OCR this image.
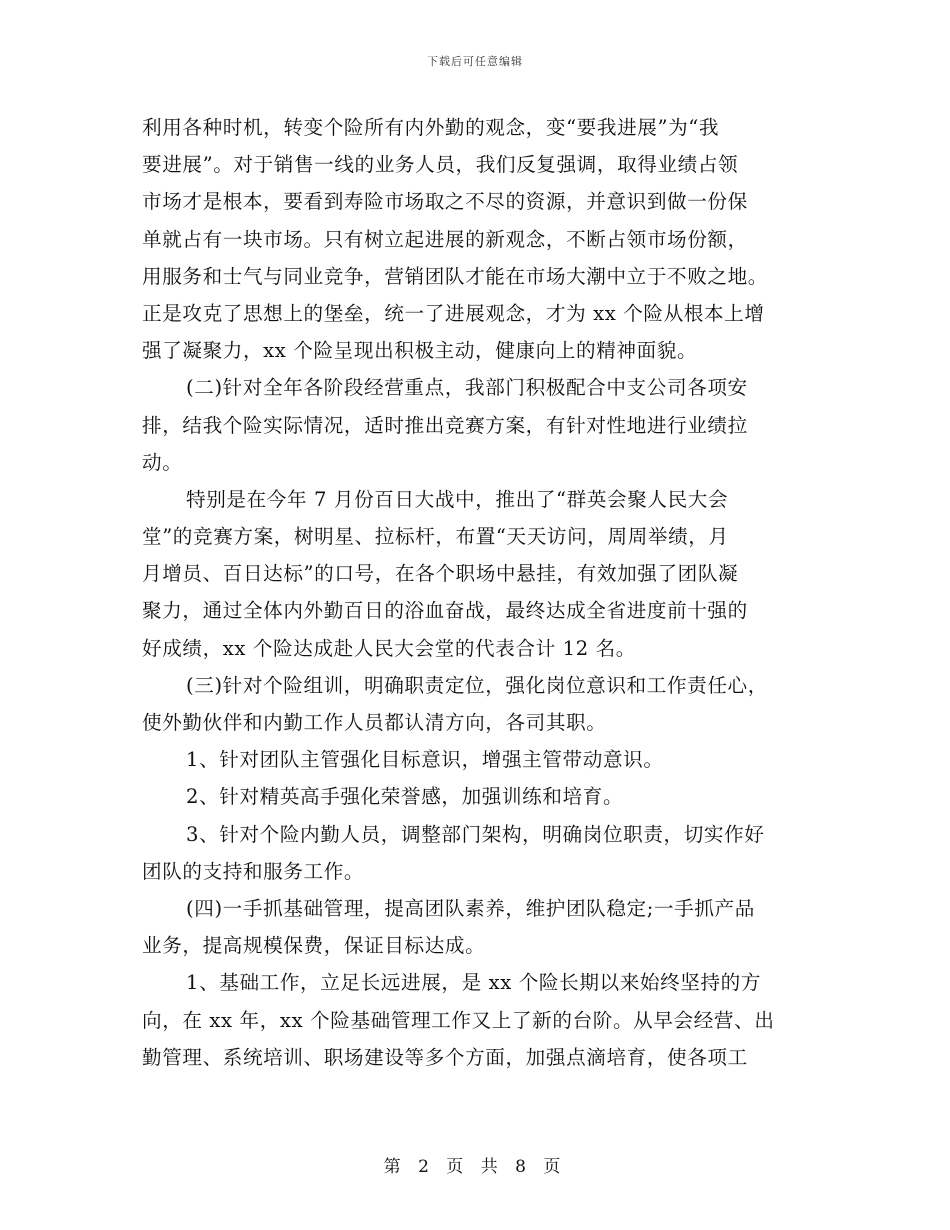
下载后可任意编辑
利用各种时机，转变个险所有内外勤的观念，变“要我进展”为“我
要进展”。对于销售一线的业务人员，我们反复强调，取得业绩占领
市场才是根本，要看到寿险市场取之不尽的资源，并意识到做一份保
单就占有一块市场。只有树立起进展的新观念，不断占领市场份额，
用服务和士气与同业竞争，营销团队才能在市场大潮中立于不败之地。
正是攻克了思想上的堡垒，统一了进展观念，才为 xx 个险从根本上增
强了凝聚力，xx 个险呈现出积极主动，健康向上的精神面貌。
(二)针对全年各阶段经营重点，我部门积极配合中支公司各项安
排，结我个险实际情况，适时推出竞赛方案，有针对性地进行业绩拉
动。
特别是在今年 7 月份百日大战中，推出了“群英会聚人民大会
堂”的竞赛方案，树明星、拉标杆，布置“天天访问，周周举绩，月
月增员、百日达标”的口号，在各个职场中悬挂，有效加强了团队凝
聚力，通过全体内外勤百日的浴血奋战，最终达成全省进度前十强的
好成绩，xx 个险达成赴人民大会堂的代表合计 12 名。
(三)针对个险组训，明确职责定位，强化岗位意识和工作责任心，
使外勤伙伴和内勤工作人员都认清方向，各司其职。
1、针对团队主管强化目标意识，增强主管带动意识。
2、针对精英高手强化荣誉感，加强训练和培育。
3、针对个险内勤人员，调整部门架构，明确岗位职责，切实作好
团队的支持和服务工作。
(四)一手抓基础管理，提高团队素养，维护团队稳定;一手抓产品
业务，提高规模保费，保证目标达成。
1、基础工作，立足长远进展，是 xx 个险长期以来始终坚持的方
向，在 xx 年，xx 个险基础管理工作又上了新的台阶。从早会经营、出
勤管理、系统培训、职场建设等多个方面，加强点滴培育，使各项工
第 2 页 共 8 页
